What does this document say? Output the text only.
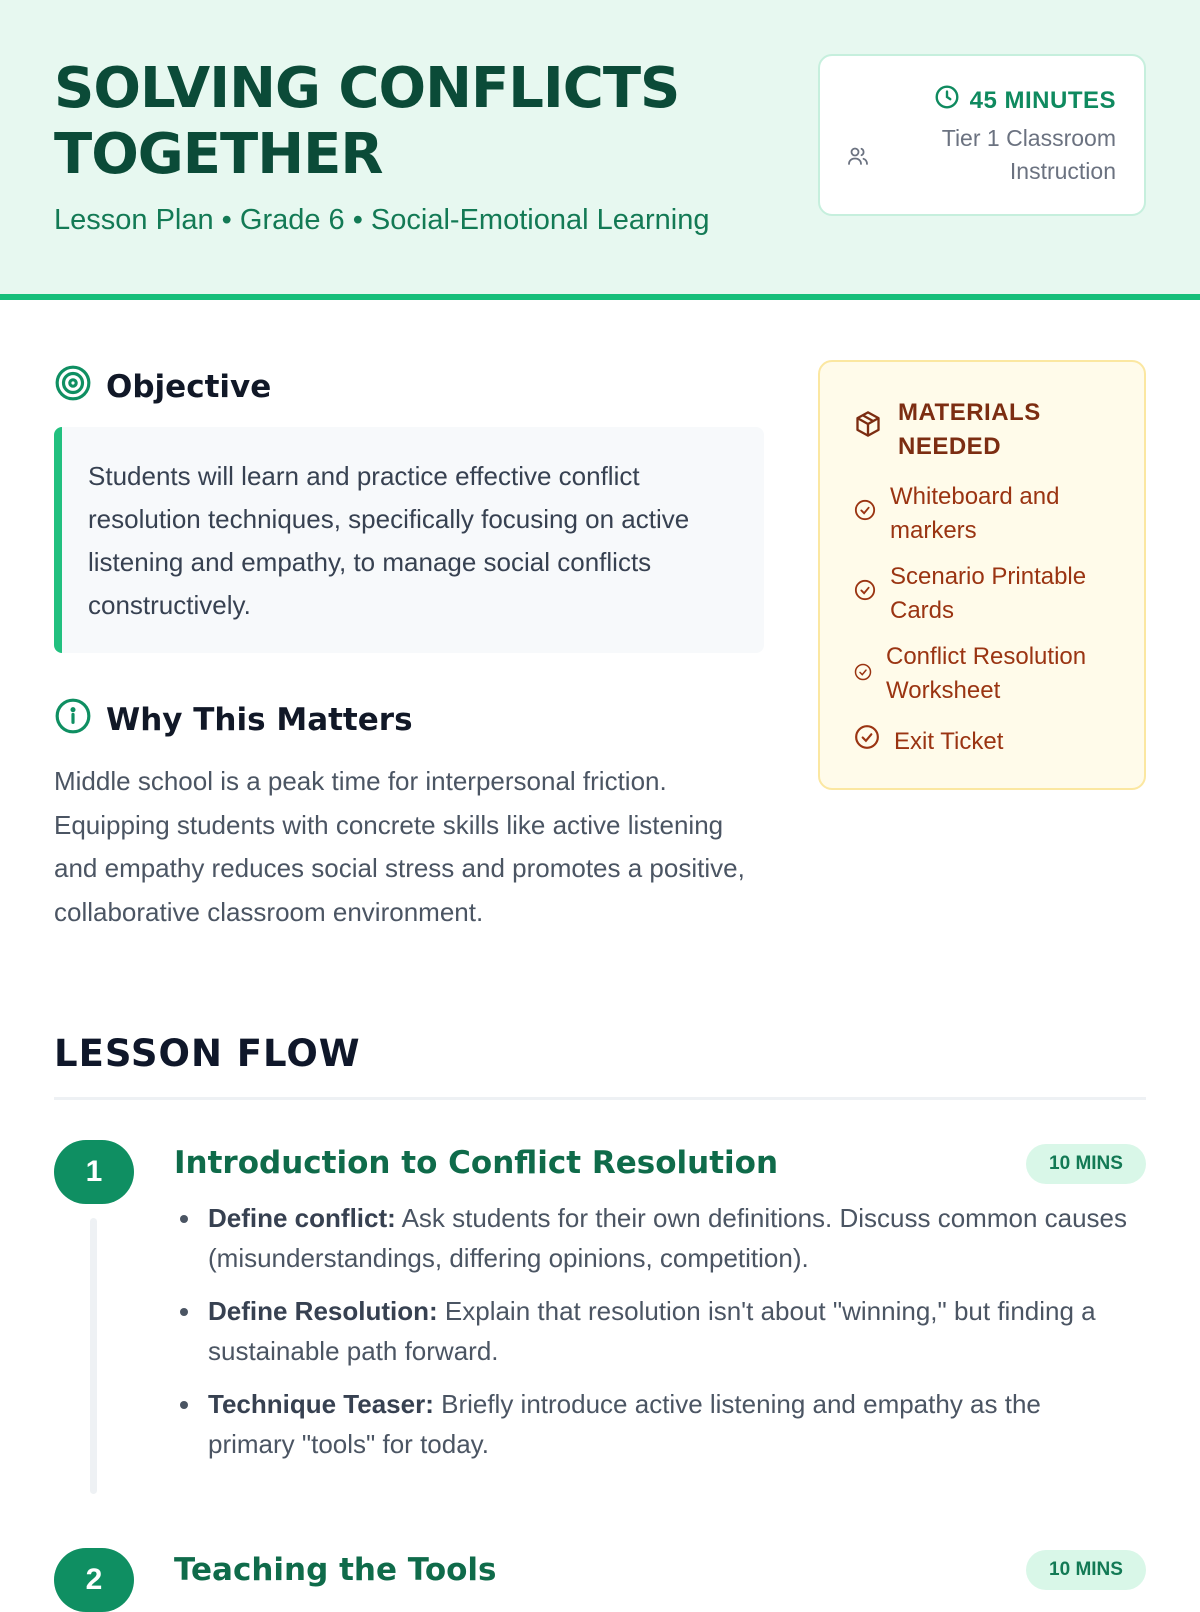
SOLVING CONFLICTS TOGETHER

Lesson Plan • Grade 6 • Social-Emotional Learning

45 MINUTES
Tier 1 Classroom Instruction
Objective
Students will learn and practice effective conflict resolution techniques, specifically focusing on active listening and empathy, to manage social conflicts constructively.
Why This Matters

Middle school is a peak time for interpersonal friction. Equipping students with concrete skills like active listening and empathy reduces social stress and promotes a positive, collaborative classroom environment.

MATERIALS NEEDED
Whiteboard and markers
Scenario Printable Cards
Conflict Resolution Worksheet
Exit Ticket
LESSON FLOW
1	Introduction to Conflict Resolution	10 MINS
Define conflict: Ask students for their own definitions. Discuss common causes (misunderstandings, differing opinions, competition).
Define Resolution: Explain that resolution isn't about "winning," but finding a sustainable path forward.
Technique Teaser: Briefly introduce active listening and empathy as the primary "tools" for today.
2	Teaching the Tools	10 MINS
